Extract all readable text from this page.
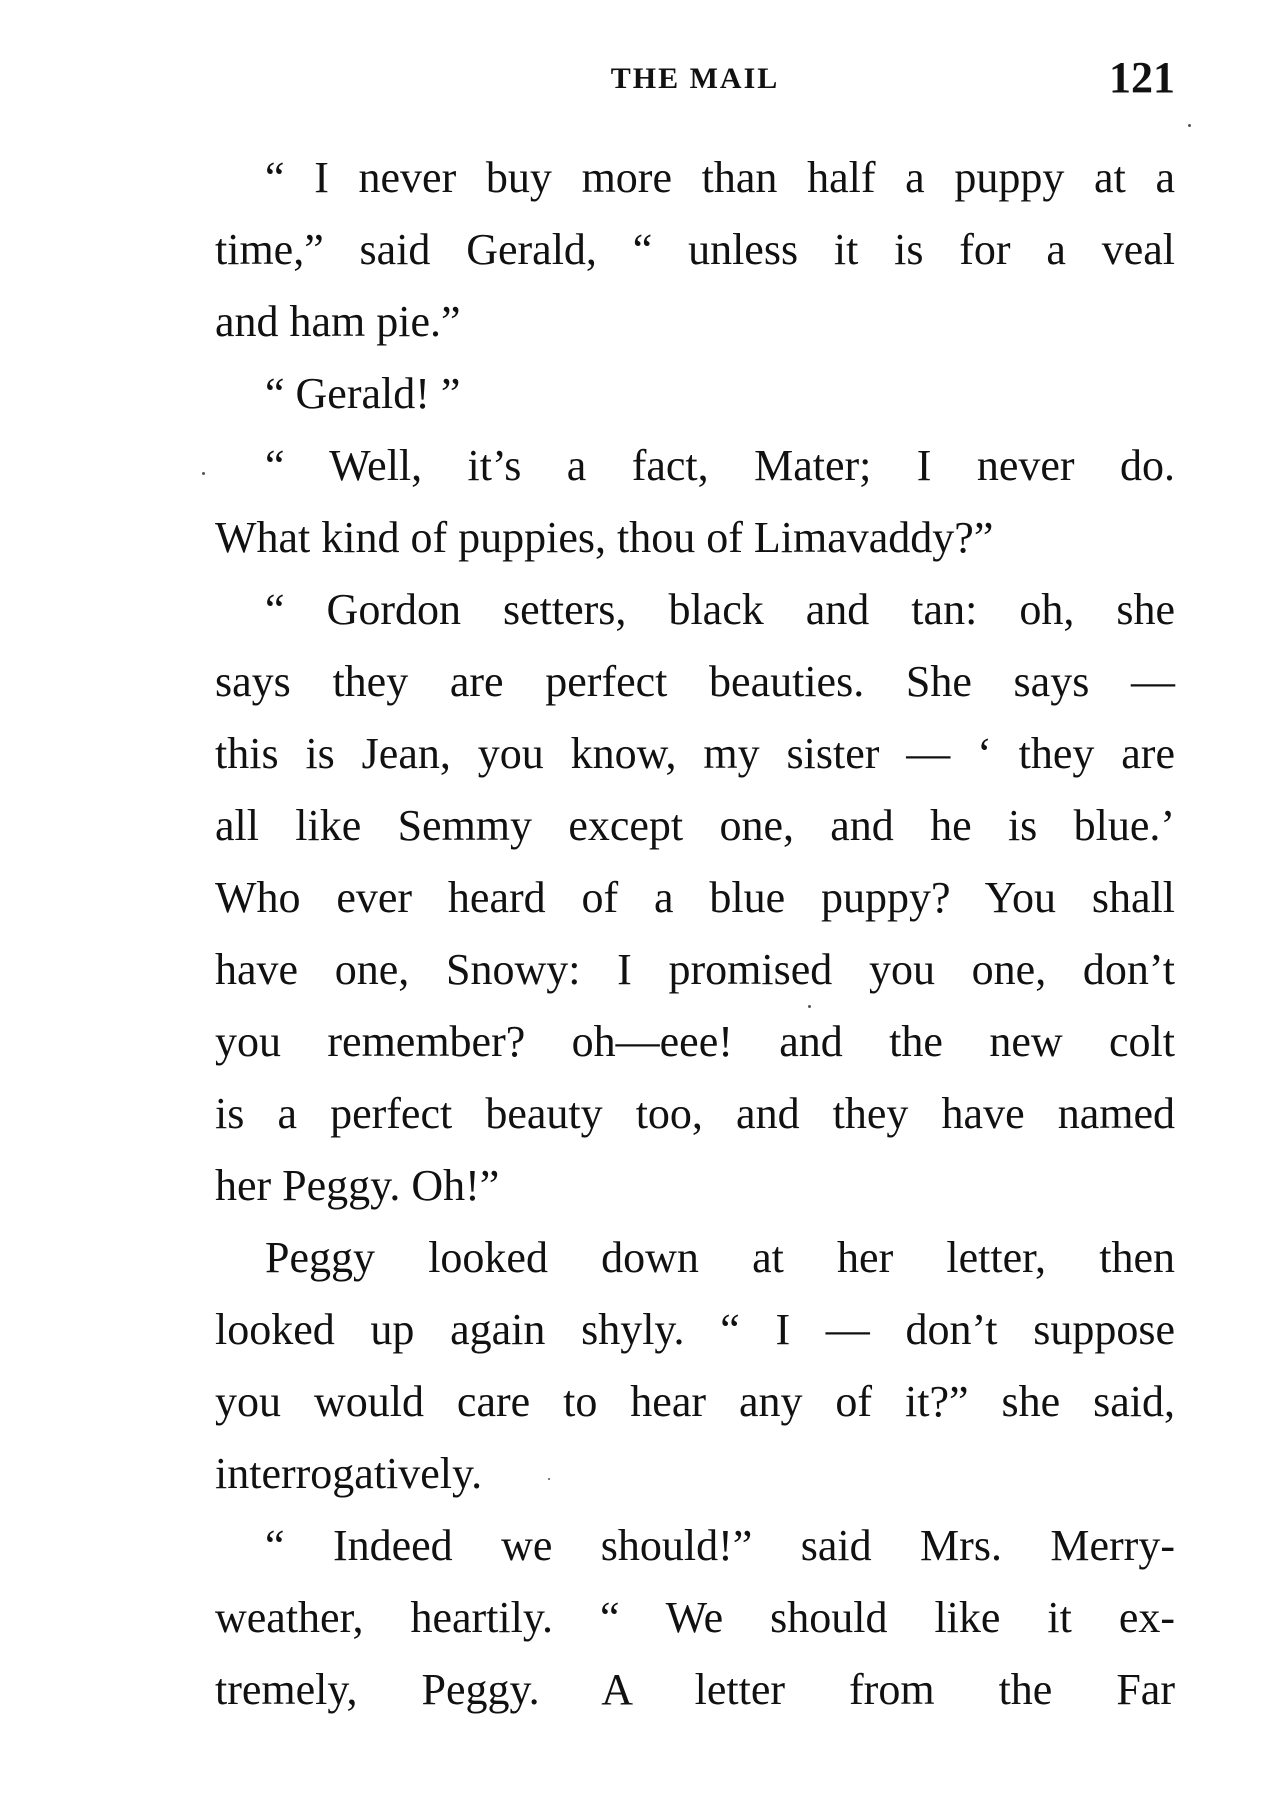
THE MAIL	121
“ I never buy more than half a puppy at a
time,” said Gerald, “ unless it is for a veal
and ham pie.”
“ Gerald! ”
“ Well, it’s a fact, Mater; I never do.
What kind of puppies, thou of Limavaddy?”
“ Gordon setters, black and tan: oh, she
says they are perfect beauties. She says —
this is Jean, you know, my sister — ‘ they are
all like Semmy except one, and he is blue.’
Who ever heard of a blue puppy? You shall
have one, Snowy: I promised you one, don’t
you remember? oh—eee! and the new colt
is a perfect beauty too, and they have named
her Peggy. Oh!”
Peggy looked down at her letter, then
looked up again shyly. “ I — don’t suppose
you would care to hear any of it?” she said,
interrogatively.
“ Indeed we should!” said Mrs. Merry-
weather, heartily. “ We should like it ex-
tremely, Peggy. A letter from the Far
